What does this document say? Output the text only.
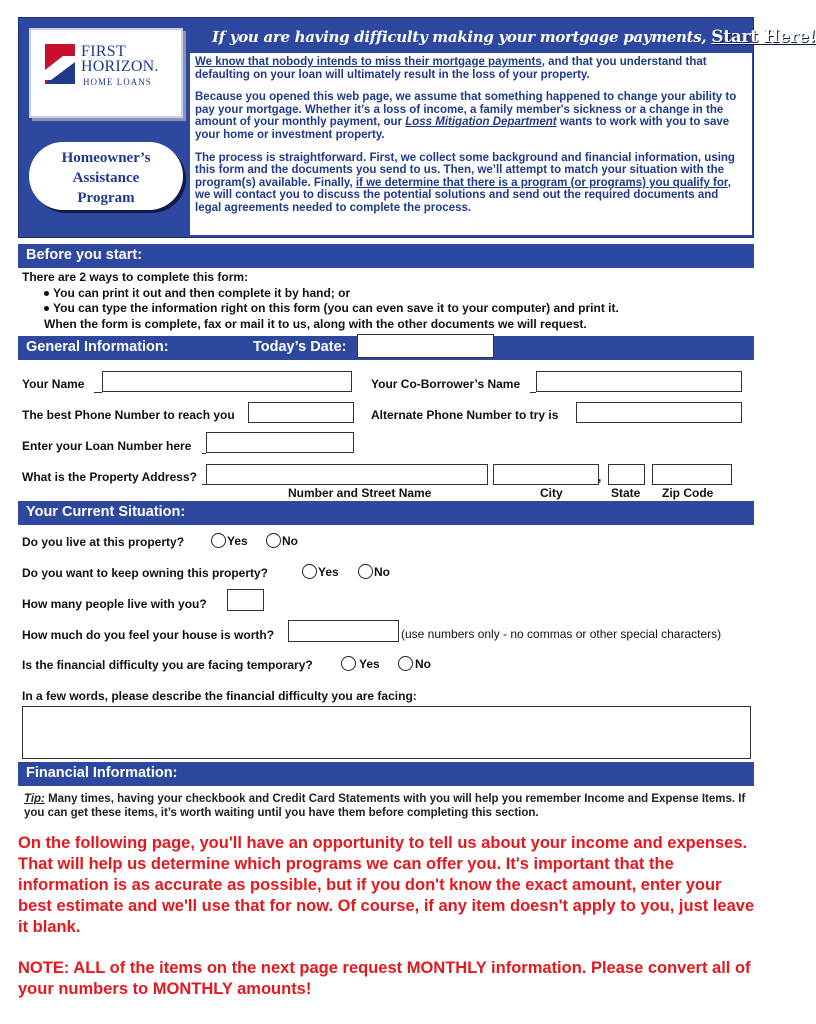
FIRST
HORIZON.
HOME LOANS
Homeowner’s
Assistance
Program
If you are having difficulty making your mortgage payments, Start Here!

We know that nobody intends to miss their mortgage payments, and that you understand that defaulting on your loan will ultimately result in the loss of your property.

Because you opened this web page, we assume that something happened to change your ability to pay your mortgage. Whether it’s a loss of income, a family member's sickness or a change in the amount of your monthly payment, our Loss Mitigation Department wants to work with you to save your home or investment property.

The process is straightforward. First, we collect some background and financial information, using this form and the documents you send to us. Then, we’ll attempt to match your situation with the program(s) available. Finally, if we determine that there is a program (or programs) you qualify for, we will contact you to discuss the potential solutions and send out the required documents and legal agreements needed to complete the process.

Before you start:
There are 2 ways to complete this form:
You can print it out and then complete it by hand; or
You can type the information right on this form (you can even save it to your computer) and print it.
When the form is complete, fax or mail it to us, along with the other documents we will request.
General Information:	Today’s Date:
Your Name	Your Co-Borrower’s Name
The best Phone Number to reach you	Alternate Phone Number to try is
Enter your Loan Number here
What is the Property Address?	,
Number and Street Name	City	State Zip Code
Your Current Situation:
Do you live at this property?	Yes	No
Do you want to keep owning this property?	Yes	No
How many people live with you?
How much do you feel your house is worth?	(use numbers only - no commas or other special characters)
Is the financial difficulty you are facing temporary?	Yes	No
In a few words, please describe the financial difficulty you are facing:
Financial Information:
Tip: Many times, having your checkbook and Credit Card Statements with you will help you remember Income and Expense Items. If you can get these items, it’s worth waiting until you have them before completing this section.
On the following page, you'll have an opportunity to tell us about your income and expenses. That will help us determine which programs we can offer you. It's important that the information is as accurate as possible, but if you don't know the exact amount, enter your best estimate and we'll use that for now. Of course, if any item doesn't apply to you, just leave it blank.
NOTE: ALL of the items on the next page request MONTHLY information. Please convert all of your numbers to MONTHLY amounts!
